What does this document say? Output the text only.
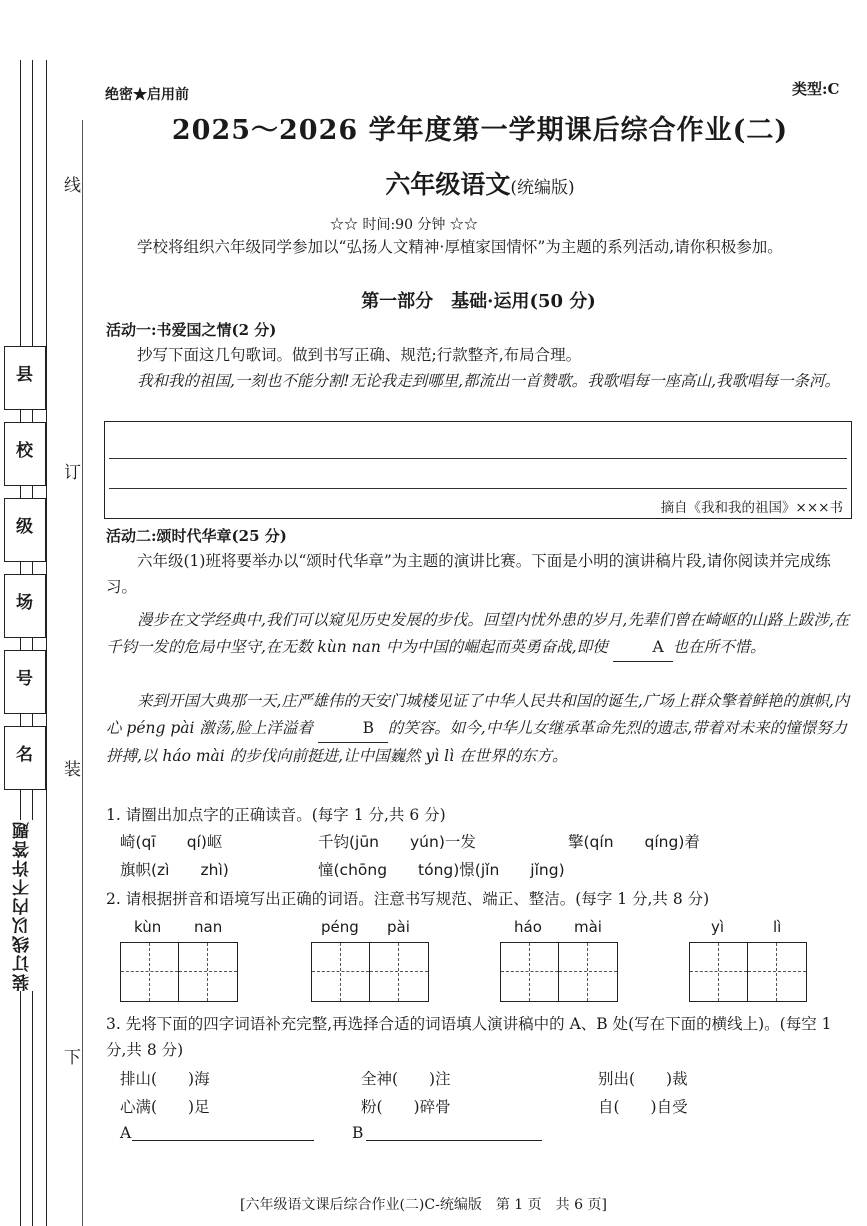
线
订
装
下
县
校
级
场
号
名
装订线以内不许答题
绝密★启用前	类型:C
2025～2026 学年度第一学期课后综合作业(二)
六年级语文(统编版)
☆☆ 时间:90 分钟 ☆☆
学校将组织六年级同学参加以“弘扬人文精神·厚植家国情怀”为主题的系列活动,请你积极参加。
第一部分　基础·运用(50 分)
活动一:书爱国之情(2 分)
抄写下面这几句歌词。做到书写正确、规范;行款整齐,布局合理。
我和我的祖国,一刻也不能分割!无论我走到哪里,都流出一首赞歌。我歌唱每一座高山,我歌唱每一条河。
摘自《我和我的祖国》×××书
活动二:颂时代华章(25 分)
六年级(1)班将要举办以“颂时代华章”为主题的演讲比赛。下面是小明的演讲稿片段,请你阅读并完成练习。
漫步在文学经典中,我们可以窥见历史发展的步伐。回望内忧外患的岁月,先辈们曾在崎岖的山路上跋涉,在千钧一发的危局中坚守,在无数 kùn nan 中为中国的崛起而英勇奋战,即使	A 也在所不惜。
来到开国大典那一天,庄严雄伟的天安门城楼见证了中华人民共和国的诞生,广场上群众擎着鲜艳的旗帜,内心 péng pài 激荡,脸上洋溢着	B 的笑容。如今,中华儿女继承革命先烈的遗志,带着对未来的憧憬努力拼搏,以 háo mài 的步伐向前挺进,让中国巍然 yì lì 在世界的东方。
1. 请圈出加点字的正确读音。(每字 1 分,共 6 分)
崎(qī　　qí)岖	千钧(jūn　　yún)一发	擎(qín　　qíng)着
旗帜(zì　　zhì)	憧(chōng　　tóng)憬(jǐn　　jǐng)
2. 请根据拼音和语境写出正确的词语。注意书写规范、端正、整洁。(每字 1 分,共 8 分)
kùn nan	péng pài	háo mài	yì	lì
3. 先将下面的四字词语补充完整,再选择合适的词语填人演讲稿中的 A、B 处(写在下面的横线上)。(每空 1 分,共 8 分)
排山(　　)海	全神(　　)注	别出(　　)裁
心满(　　)足	粉(　　)碎骨	自(　　)自受
A	B
[六年级语文课后综合作业(二)C-统编版　第 1 页　共 6 页]
